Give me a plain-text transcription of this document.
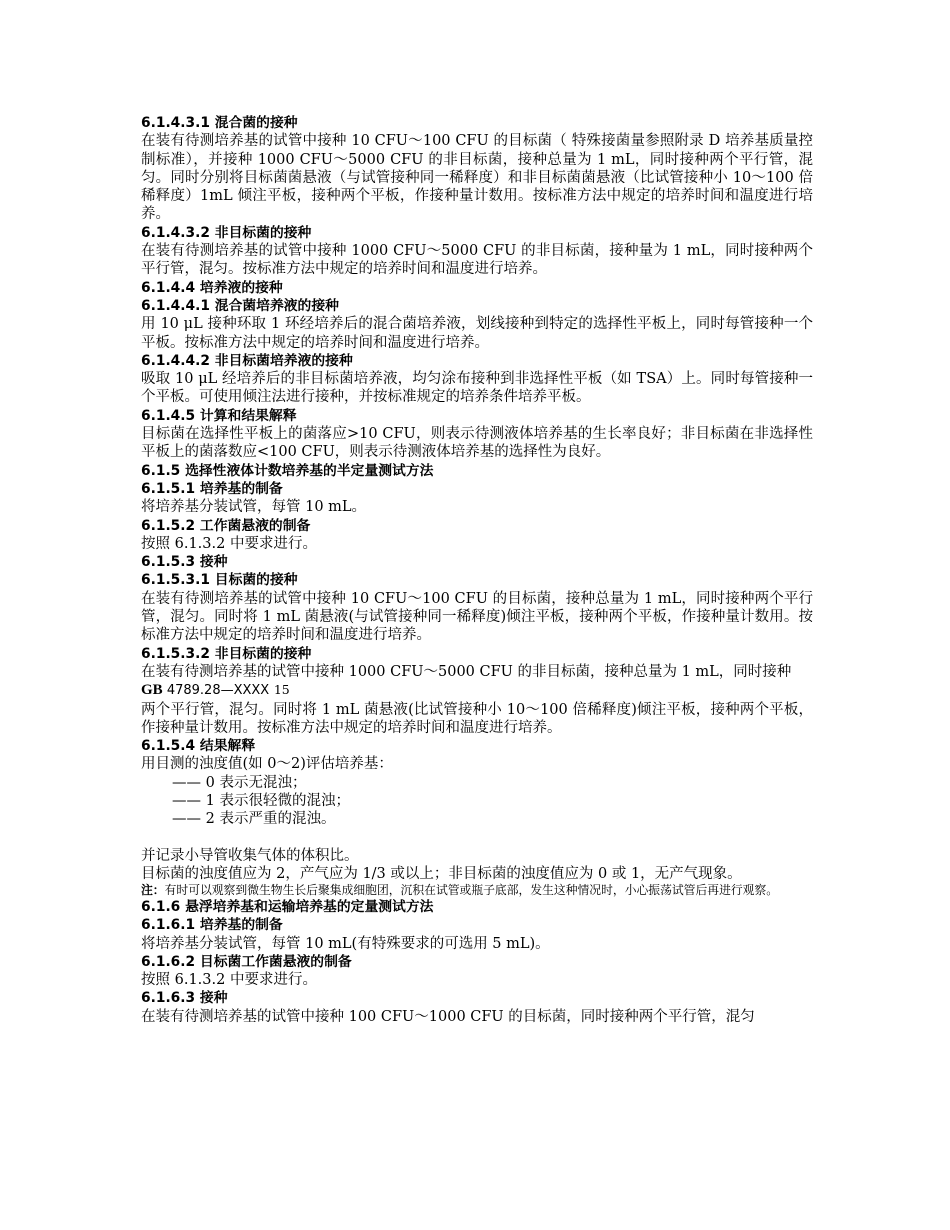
6.1.4.3.1 混合菌的接种
在装有待测培养基的试管中接种 10 CFU～100 CFU 的目标菌（ 特殊接菌量参照附录 D 培养基质量控制标准），并接种 1000 CFU～5000 CFU 的非目标菌，接种总量为 1 mL，同时接种两个平行管，混匀。同时分别将目标菌菌悬液（与试管接种同一稀释度）和非目标菌菌悬液（比试管接种小 10～100 倍稀释度）1mL 倾注平板，接种两个平板，作接种量计数用。按标准方法中规定的培养时间和温度进行培养。
6.1.4.3.2 非目标菌的接种
在装有待测培养基的试管中接种 1000 CFU～5000 CFU 的非目标菌，接种量为 1 mL，同时接种两个平行管，混匀。按标准方法中规定的培养时间和温度进行培养。
6.1.4.4 培养液的接种
6.1.4.4.1 混合菌培养液的接种
用 10 μL 接种环取 1 环经培养后的混合菌培养液，划线接种到特定的选择性平板上，同时每管接种一个平板。按标准方法中规定的培养时间和温度进行培养。
6.1.4.4.2 非目标菌培养液的接种
吸取 10 μL 经培养后的非目标菌培养液，均匀涂布接种到非选择性平板（如 TSA）上。同时每管接种一个平板。可使用倾注法进行接种，并按标准规定的培养条件培养平板。
6.1.4.5 计算和结果解释
目标菌在选择性平板上的菌落应>10 CFU，则表示待测液体培养基的生长率良好；非目标菌在非选择性平板上的菌落数应<100 CFU，则表示待测液体培养基的选择性为良好。
6.1.5 选择性液体计数培养基的半定量测试方法
6.1.5.1 培养基的制备
将培养基分装试管，每管 10 mL。
6.1.5.2 工作菌悬液的制备
按照 6.1.3.2 中要求进行。
6.1.5.3 接种
6.1.5.3.1 目标菌的接种
在装有待测培养基的试管中接种 10 CFU～100 CFU 的目标菌，接种总量为 1 mL，同时接种两个平行管，混匀。同时将 1 mL 菌悬液(与试管接种同一稀释度)倾注平板，接种两个平板，作接种量计数用。按标准方法中规定的培养时间和温度进行培养。
6.1.5.3.2 非目标菌的接种
在装有待测培养基的试管中接种 1000 CFU～5000 CFU 的非目标菌，接种总量为 1 mL，同时接种
GB 4789.28—XXXX 15
两个平行管，混匀。同时将 1 mL 菌悬液(比试管接种小 10～100 倍稀释度)倾注平板，接种两个平板，作接种量计数用。按标准方法中规定的培养时间和温度进行培养。
6.1.5.4 结果解释
用目测的浊度值(如 0～2)评估培养基：
—— 0 表示无混浊；
—— 1 表示很轻微的混浊；
—— 2 表示严重的混浊。
并记录小导管收集气体的体积比。
目标菌的浊度值应为 2，产气应为 1/3 或以上；非目标菌的浊度值应为 0 或 1，无产气现象。
注：有时可以观察到微生物生长后聚集成细胞团，沉积在试管或瓶子底部，发生这种情况时，小心振荡试管后再进行观察。
6.1.6 悬浮培养基和运输培养基的定量测试方法
6.1.6.1 培养基的制备
将培养基分装试管，每管 10 mL(有特殊要求的可选用 5 mL)。
6.1.6.2 目标菌工作菌悬液的制备
按照 6.1.3.2 中要求进行。
6.1.6.3 接种
在装有待测培养基的试管中接种 100 CFU～1000 CFU 的目标菌，同时接种两个平行管，混匀
